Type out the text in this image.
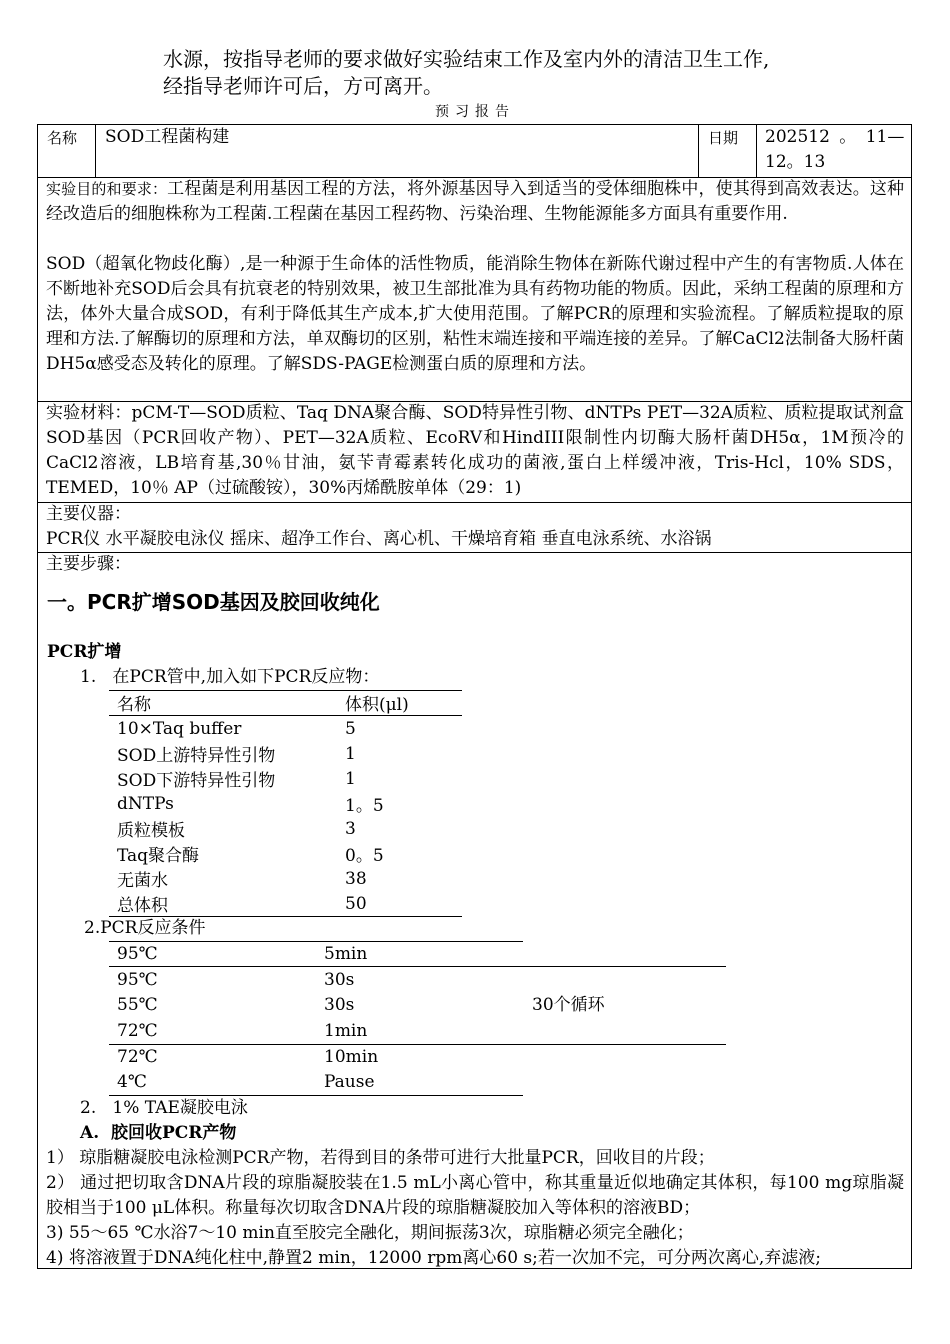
水源，按指导老师的要求做好实验结束工作及室内外的清洁卫生工作,
经指导老师许可后，方可离开。
预习报告
名称 SOD工程菌构建	日期 202512 。 11—
12。13
实验目的和要求：工程菌是利用基因工程的方法，将外源基因导入到适当的受体细胞株中，使其得到高效表达。这种经改造后的细胞株称为工程菌.工程菌在基因工程药物、污染治理、生物能源能多方面具有重要作用.
SOD（超氧化物歧化酶）,是一种源于生命体的活性物质，能消除生物体在新陈代谢过程中产生的有害物质.人体在不断地补充SOD后会具有抗衰老的特别效果，被卫生部批准为具有药物功能的物质。因此，采纳工程菌的原理和方法，体外大量合成SOD，有利于降低其生产成本,扩大使用范围。了解PCR的原理和实验流程。了解质粒提取的原理和方法.了解酶切的原理和方法，单双酶切的区别，粘性末端连接和平端连接的差异。了解CaCl2法制备大肠杆菌DH5α感受态及转化的原理。了解SDS-PAGE检测蛋白质的原理和方法。
实验材料：pCM-T—SOD质粒、Taq DNA聚合酶、SOD特异性引物、dNTPs PET—32A质粒、质粒提取试剂盒SOD基因（PCR回收产物）、PET—32A质粒、EcoRV和HindIII限制性内切酶大肠杆菌DH5α，1M预冷的CaCl2溶液，LB培育基,30％甘油，氨苄青霉素转化成功的菌液,蛋白上样缓冲液，Tris-Hcl，10% SDS，TEMED，10％ AP（过硫酸铵），30%丙烯酰胺单体（29：1)
主要仪器：
PCR仪 水平凝胶电泳仪 摇床、超净工作台、离心机、干燥培育箱 垂直电泳系统、水浴锅
主要步骤：
一。PCR扩增SOD基因及胶回收纯化
PCR扩增
1.   在PCR管中,加入如下PCR反应物：
名称	体积(μl)
10×Taq buffer	5
SOD上游特异性引物	1
SOD下游特异性引物	1
dNTPs	1。5
质粒模板	3
Taq聚合酶	0。5
无菌水	38
总体积	50
2.PCR反应条件
95℃	5min
95℃	30s
55℃	30s
72℃	1min
72℃	10min
4℃	Pause
30个循环
2.   1% TAE凝胶电泳
A.  胶回收PCR产物
1） 琼脂糖凝胶电泳检测PCR产物，若得到目的条带可进行大批量PCR，回收目的片段；
2） 通过把切取含DNA片段的琼脂凝胶装在1.5 mL小离心管中，称其重量近似地确定其体积，每100 mg琼脂凝胶相当于100 μL体积。称量每次切取含DNA片段的琼脂糖凝胶加入等体积的溶液BD；
3) 55～65 ℃水浴7～10 min直至胶完全融化，期间振荡3次，琼脂糖必须完全融化；
4) 将溶液置于DNA纯化柱中,静置2 min，12000 rpm离心60 s;若一次加不完，可分两次离心,弃滤液;
